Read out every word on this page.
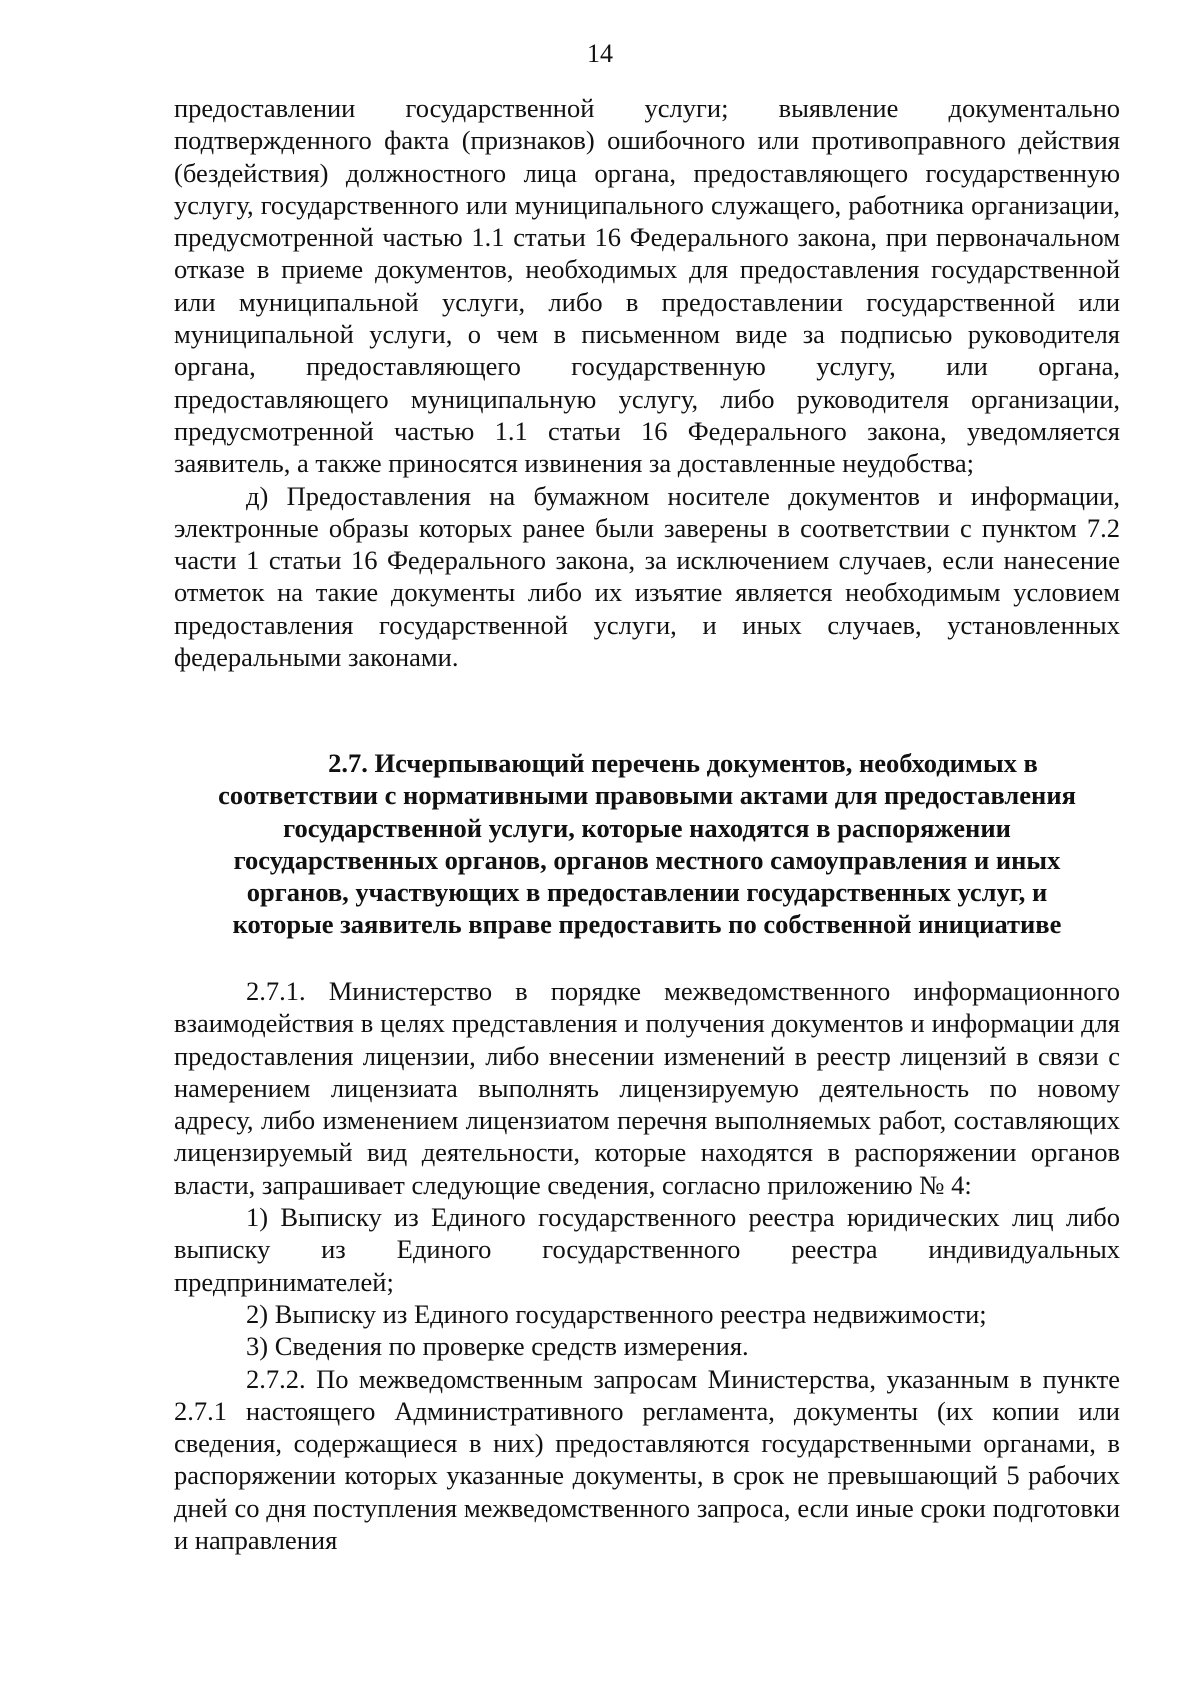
14

предоставлении государственной услуги; выявление документально подтвержденного факта (признаков) ошибочного или противоправного действия (бездействия) должностного лица органа, предоставляющего государственную услугу, государственного или муниципального служащего, работника организации, предусмотренной частью 1.1 статьи 16 Федерального закона, при первоначальном отказе в приеме документов, необходимых для предоставления государственной или муниципальной услуги, либо в предоставлении государственной или муниципальной услуги, о чем в письменном виде за подписью руководителя органа, предоставляющего государственную услугу, или органа, предоставляющего муниципальную услугу, либо руководителя организации, предусмотренной частью 1.1 статьи 16 Федерального закона, уведомляется заявитель, а также приносятся извинения за доставленные неудобства;

д) Предоставления на бумажном носителе документов и информации, электронные образы которых ранее были заверены в соответствии с пунктом 7.2 части 1 статьи 16 Федерального закона, за исключением случаев, если нанесение отметок на такие документы либо их изъятие является необходимым условием предоставления государственной услуги, и иных случаев, установленных федеральными законами.

2.7. Исчерпывающий перечень документов, необходимых в
соответствии с нормативными правовыми актами для предоставления
государственной услуги, которые находятся в распоряжении
государственных органов, органов местного самоуправления и иных
органов, участвующих в предоставлении государственных услуг, и
которые заявитель вправе предоставить по собственной инициативе

2.7.1. Министерство в порядке межведомственного информационного взаимодействия в целях представления и получения документов и информации для предоставления лицензии, либо внесении изменений в реестр лицензий в связи с намерением лицензиата выполнять лицензируемую деятельность по новому адресу, либо изменением лицензиатом перечня выполняемых работ, составляющих лицензируемый вид деятельности, которые находятся в распоряжении органов власти, запрашивает следующие сведения, согласно приложению № 4:

1) Выписку из Единого государственного реестра юридических лиц либо выписку из Единого государственного реестра индивидуальных предпринимателей;

2) Выписку из Единого государственного реестра недвижимости;

3) Сведения по проверке средств измерения.

2.7.2. По межведомственным запросам Министерства, указанным в пункте 2.7.1 настоящего Административного регламента, документы (их копии или сведения, содержащиеся в них) предоставляются государственными органами, в распоряжении которых указанные документы, в срок не превышающий 5 рабочих дней со дня поступления межведомственного запроса, если иные сроки подготовки и направления
